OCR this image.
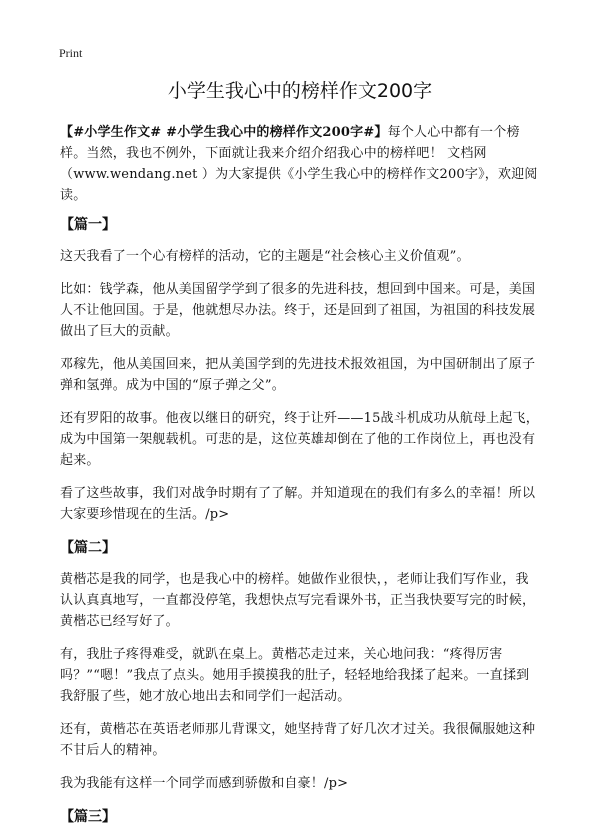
Print
小学生我心中的榜样作文200字

【#小学生作文# #小学生我心中的榜样作文200字#】每个人心中都有一个榜样。当然，我也不例外，下面就让我来介绍介绍我心中的榜样吧！ 文档网（www.wendang.net ）为大家提供《小学生我心中的榜样作文200字》，欢迎阅读。

【篇一】

这天我看了一个心有榜样的活动，它的主题是“社会核心主义价值观”。

比如：钱学森，他从美国留学学到了很多的先进科技，想回到中国来。可是，美国人不让他回国。于是，他就想尽办法。终于，还是回到了祖国，为祖国的科技发展做出了巨大的贡献。

邓稼先，他从美国回来，把从美国学到的先进技术报效祖国，为中国研制出了原子弹和氢弹。成为中国的“原子弹之父”。

还有罗阳的故事。他夜以继日的研究，终于让歼——15战斗机成功从航母上起飞，成为中国第一架舰载机。可悲的是，这位英雄却倒在了他的工作岗位上，再也没有起来。

看了这些故事，我们对战争时期有了了解。并知道现在的我们有多么的幸福！所以大家要珍惜现在的生活。/p>

【篇二】

黄楷芯是我的同学，也是我心中的榜样。她做作业很快，，老师让我们写作业，我认认真真地写，一直都没停笔，我想快点写完看课外书，正当我快要写完的时候，黄楷芯已经写好了。

有，我肚子疼得难受，就趴在桌上。黄楷芯走过来，关心地问我：“疼得厉害吗？”“嗯！”我点了点头。她用手摸摸我的肚子，轻轻地给我揉了起来。一直揉到我舒服了些，她才放心地出去和同学们一起活动。

还有，黄楷芯在英语老师那儿背课文，她坚持背了好几次才过关。我很佩服她这种不甘后人的精神。

我为我能有这样一个同学而感到骄傲和自豪！/p>

【篇三】
